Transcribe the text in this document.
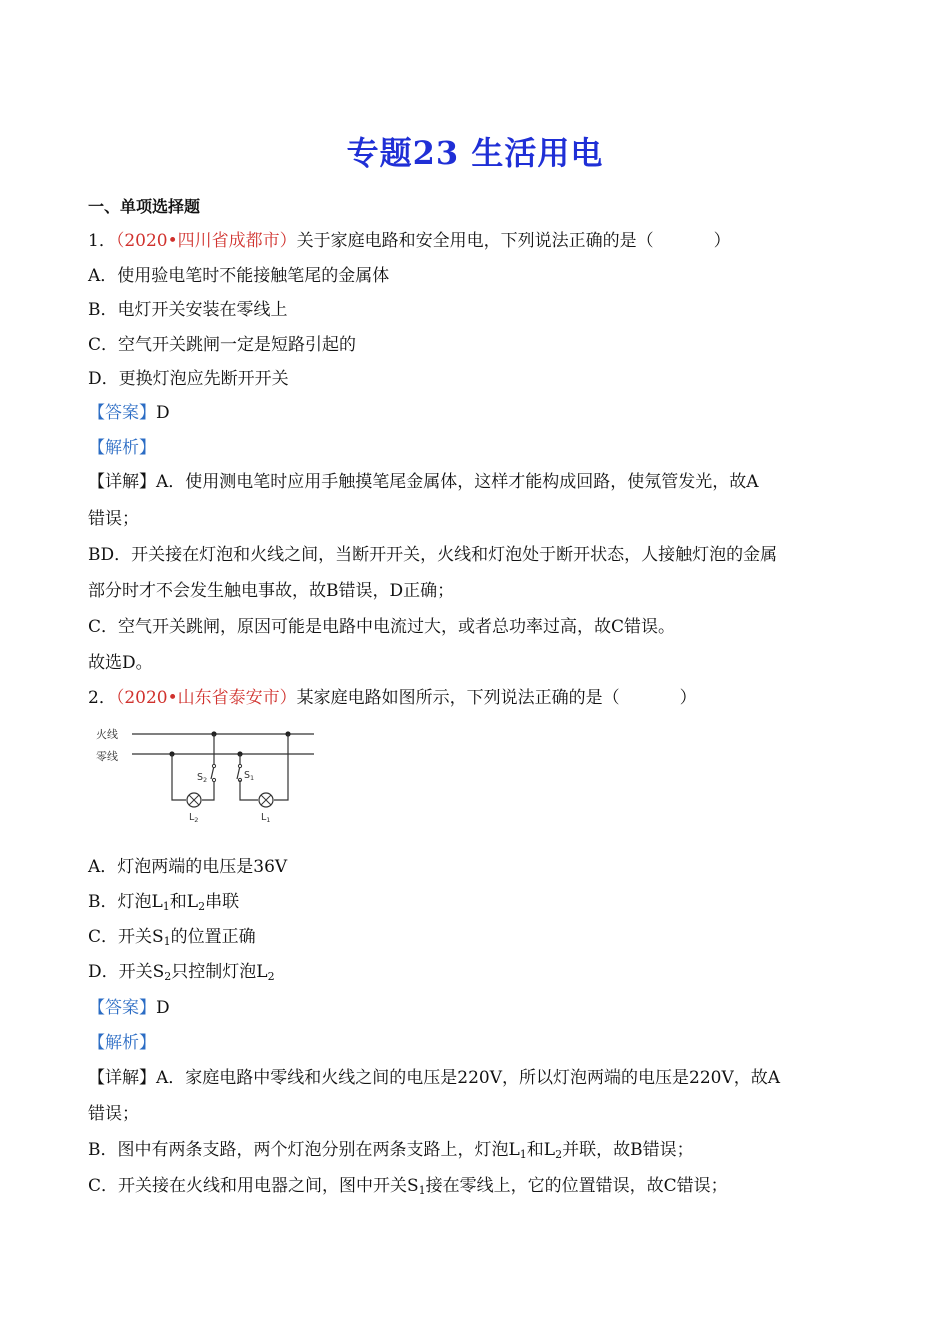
专题23 生活用电
一、单项选择题
1．（2020•四川省成都市）关于家庭电路和安全用电，下列说法正确的是（	）
A．使用验电笔时不能接触笔尾的金属体
B．电灯开关安装在零线上
C．空气开关跳闸一定是短路引起的
D．更换灯泡应先断开开关
【答案】D
【解析】
【详解】A．使用测电笔时应用手触摸笔尾金属体，这样才能构成回路，使氖管发光，故A
错误；
BD．开关接在灯泡和火线之间，当断开开关，火线和灯泡处于断开状态，人接触灯泡的金属
部分时才不会发生触电事故，故B错误，D正确；
C．空气开关跳闸，原因可能是电路中电流过大，或者总功率过高，故C错误。
故选D。
2．（2020•山东省泰安市）某家庭电路如图所示，下列说法正确的是（	）
火线
零线
$S_2$
$L_2$
$S_1$
$L_1$
A．灯泡两端的电压是36V
B．灯泡$L_1$和$L_2$串联
C．开关$S_1$的位置正确
D．开关$S_2$只控制灯泡$L_2$
【答案】D
【解析】
【详解】A．家庭电路中零线和火线之间的电压是220V，所以灯泡两端的电压是220V，故A
错误；
B．图中有两条支路，两个灯泡分别在两条支路上，灯泡$L_1$和$L_2$并联，故B错误；
C．开关接在火线和用电器之间，图中开关$S_1$接在零线上，它的位置错误，故C错误；
